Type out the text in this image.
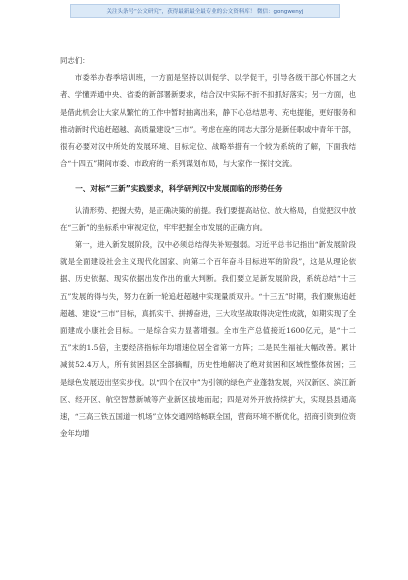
关注头条号“公文研究”，获得最新最全最专业的公文资料库！ 微信：gongwenyj

同志们：

市委举办春季培训班，一方面是坚持以训促学、以学促干，引导各级干部心怀国之大者、学懂弄通中央、省委的新部署新要求，结合汉中实际不折不扣抓好落实；另一方面，也是借此机会让大家从繁忙的工作中暂时抽离出来，静下心总结思考、充电提能，更好服务和推动新时代追赶超越、高质量建设“三市”。考虑在座的同志大部分是新任职或中青年干部，很有必要对汉中所处的发展环境、目标定位、战略举措有一个较为系统的了解，下面我结合“十四五”期间市委、市政府的一系列谋划布局，与大家作一探讨交流。

一、对标“三新”实践要求，科学研判汉中发展面临的形势任务

认清形势、把握大势，是正确决策的前提。我们要提高站位、放大格局，自觉把汉中放在“三新”的坐标系中审视定位，牢牢把握全市发展的正确方向。

第一，进入新发展阶段，汉中必须总结得失补短强弱。习近平总书记指出“新发展阶段就是全面建设社会主义现代化国家、向第二个百年奋斗目标进军的阶段”，这是从理论依据、历史依据、现实依据出发作出的重大判断。我们要立足新发展阶段，系统总结“十三五”发展的得与失，努力在新一轮追赶超越中实现量质双升。“十三五”时期，我们聚焦追赶超越、建设“三市”目标，真抓实干、拼搏奋进，三大攻坚战取得决定性成就，如期实现了全面建成小康社会目标。一是综合实力显著增强。全市生产总值接近1600亿元，是“十二五”末的1.5倍，主要经济指标年均增速位居全省第一方阵；二是民生福祉大幅改善。累计减贫52.4万人，所有贫困县区全部摘帽，历史性地解决了绝对贫困和区域性整体贫困；三是绿色发展迈出坚实步伐。以“四个在汉中”为引领的绿色产业蓬勃发展，兴汉新区、滨江新区、经开区、航空智慧新城等产业新区拔地而起；四是对外开放持续扩大，实现县县通高速，“三高三铁五国道一机场”立体交通网络畅联全国，营商环境不断优化，招商引资到位资金年均增
